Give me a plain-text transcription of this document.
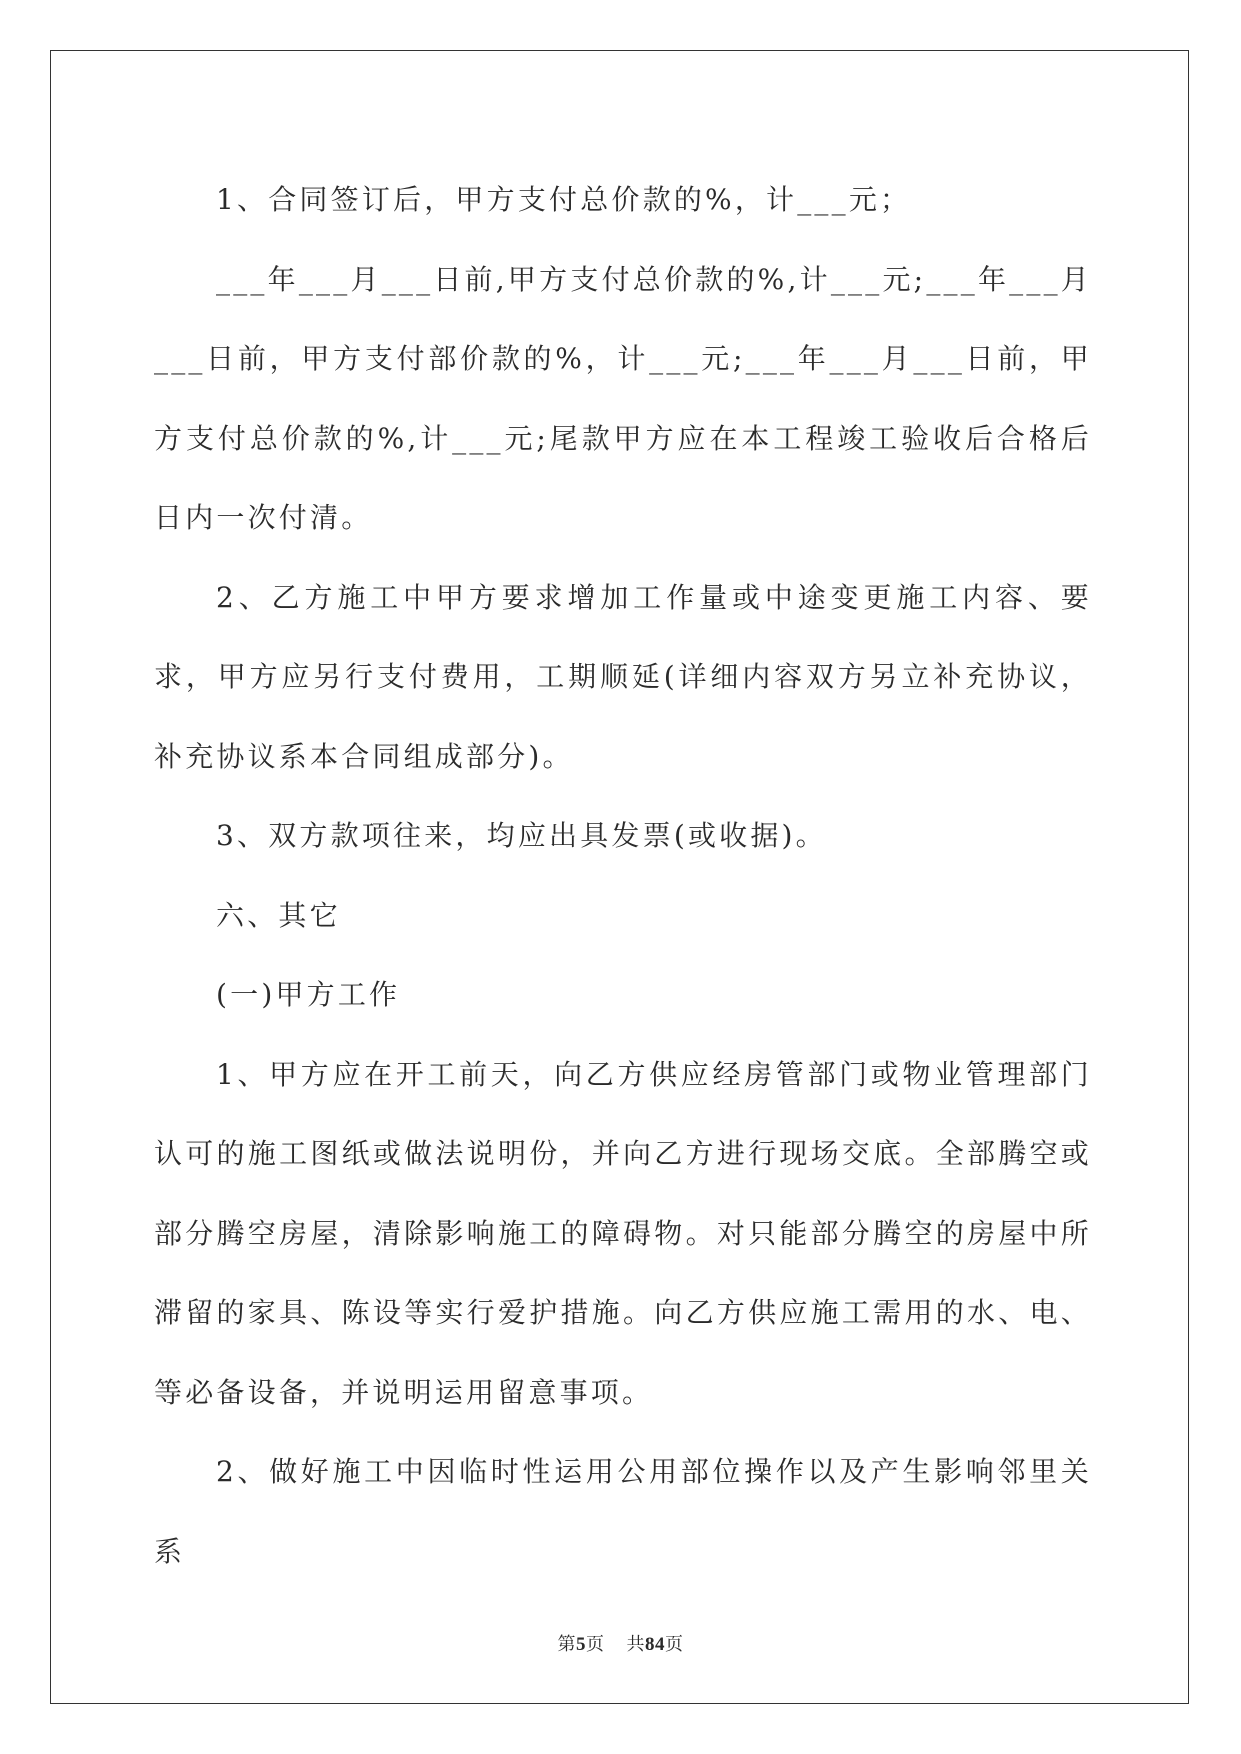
1、合同签订后，甲方支付总价款的%，计___元；

___年___月___日前,甲方支付总价款的%,计___元;___年___月___日前，甲方支付部价款的%，计___元;___年___月___日前，甲方支付总价款的%,计___元;尾款甲方应在本工程竣工验收后合格后日内一次付清。

2、乙方施工中甲方要求增加工作量或中途变更施工内容、要求，甲方应另行支付费用，工期顺延(详细内容双方另立补充协议，补充协议系本合同组成部分)。

3、双方款项往来，均应出具发票(或收据)。

六、其它

(一)甲方工作

1、甲方应在开工前天，向乙方供应经房管部门或物业管理部门认可的施工图纸或做法说明份，并向乙方进行现场交底。全部腾空或部分腾空房屋，清除影响施工的障碍物。对只能部分腾空的房屋中所滞留的家具、陈设等实行爱护措施。向乙方供应施工需用的水、电、等必备设备，并说明运用留意事项。

2、做好施工中因临时性运用公用部位操作以及产生影响邻里关系

第5页 共84页
